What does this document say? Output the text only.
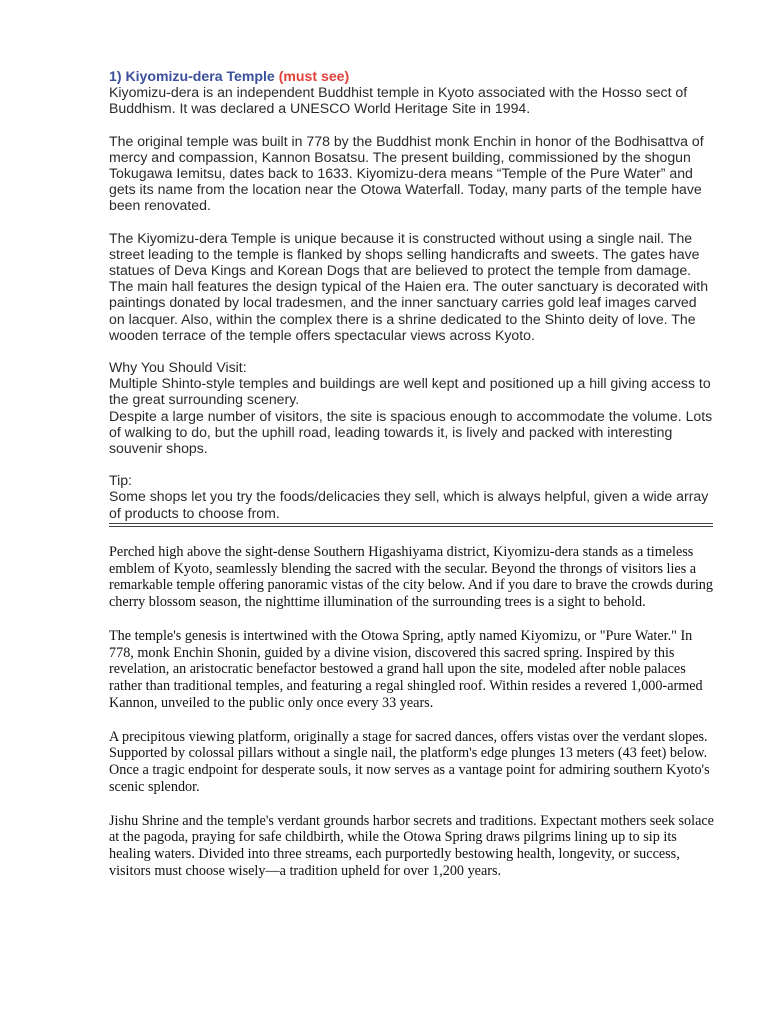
1) Kiyomizu-dera Temple (must see)

Kiyomizu-dera is an independent Buddhist temple in Kyoto associated with the Hosso sect of Buddhism. It was declared a UNESCO World Heritage Site in 1994.

The original temple was built in 778 by the Buddhist monk Enchin in honor of the Bodhisattva of mercy and compassion, Kannon Bosatsu. The present building, commissioned by the shogun Tokugawa Iemitsu, dates back to 1633. Kiyomizu-dera means “Temple of the Pure Water” and gets its name from the location near the Otowa Waterfall. Today, many parts of the temple have been renovated.

The Kiyomizu-dera Temple is unique because it is constructed without using a single nail. The street leading to the temple is flanked by shops selling handicrafts and sweets. The gates have statues of Deva Kings and Korean Dogs that are believed to protect the temple from damage. The main hall features the design typical of the Haien era. The outer sanctuary is decorated with paintings donated by local tradesmen, and the inner sanctuary carries gold leaf images carved on lacquer. Also, within the complex there is a shrine dedicated to the Shinto deity of love. The wooden terrace of the temple offers spectacular views across Kyoto.

Why You Should Visit:

Multiple Shinto-style temples and buildings are well kept and positioned up a hill giving access to the great surrounding scenery.

Despite a large number of visitors, the site is spacious enough to accommodate the volume. Lots of walking to do, but the uphill road, leading towards it, is lively and packed with interesting souvenir shops.

Tip:

Some shops let you try the foods/delicacies they sell, which is always helpful, given a wide array of products to choose from.

Perched high above the sight-dense Southern Higashiyama district, Kiyomizu-dera stands as a timeless emblem of Kyoto, seamlessly blending the sacred with the secular. Beyond the throngs of visitors lies a remarkable temple offering panoramic vistas of the city below. And if you dare to brave the crowds during cherry blossom season, the nighttime illumination of the surrounding trees is a sight to behold.

The temple's genesis is intertwined with the Otowa Spring, aptly named Kiyomizu, or "Pure Water." In 778, monk Enchin Shonin, guided by a divine vision, discovered this sacred spring. Inspired by this revelation, an aristocratic benefactor bestowed a grand hall upon the site, modeled after noble palaces rather than traditional temples, and featuring a regal shingled roof. Within resides a revered 1,000-armed Kannon, unveiled to the public only once every 33 years.

A precipitous viewing platform, originally a stage for sacred dances, offers vistas over the verdant slopes. Supported by colossal pillars without a single nail, the platform's edge plunges 13 meters (43 feet) below. Once a tragic endpoint for desperate souls, it now serves as a vantage point for admiring southern Kyoto's scenic splendor.

Jishu Shrine and the temple's verdant grounds harbor secrets and traditions. Expectant mothers seek solace at the pagoda, praying for safe childbirth, while the Otowa Spring draws pilgrims lining up to sip its healing waters. Divided into three streams, each purportedly bestowing health, longevity, or success, visitors must choose wisely—a tradition upheld for over 1,200 years.
